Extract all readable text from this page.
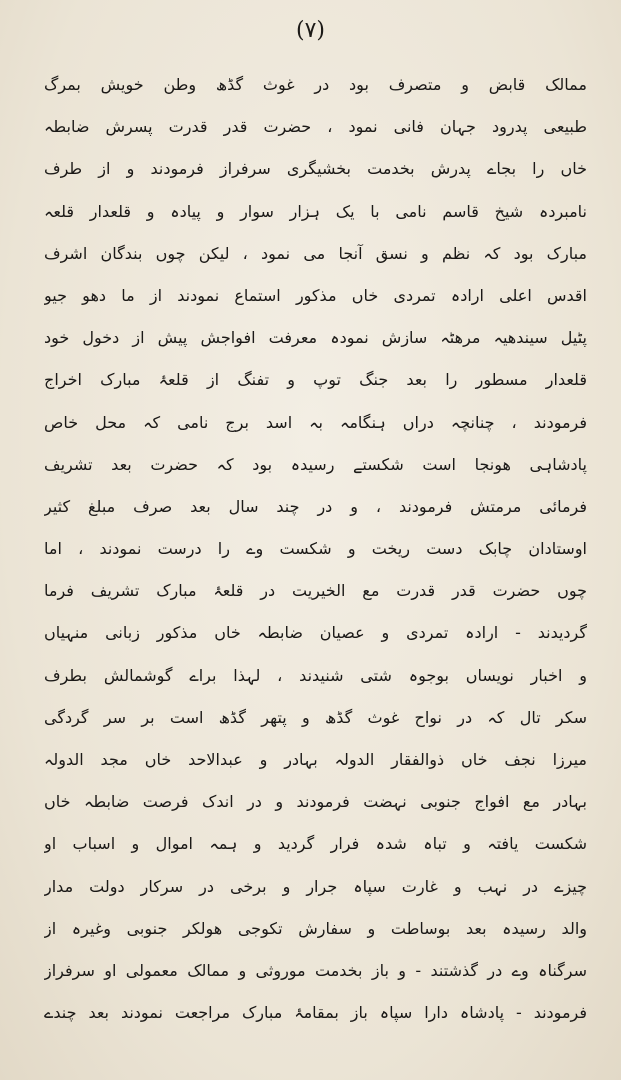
(۷)
ممالک قابض و متصرف بود در غوث گڈھ وطن خویش بمرگ
طبیعی پدرود جہان فانی نمود ، حضرت قدر قدرت پسرش ضابطہ
خاں را بجاے پدرش بخدمت بخشیگری سرفراز فرمودند و از طرف
نامبردہ شیخ قاسم نامی با یک ہزار سوار و پیادہ و قلعدار قلعہ
مبارک بود کہ نظم و نسق آنجا می نمود ، لیکن چوں بندگان اشرف
اقدس اعلی ارادہ تمردی خاں مذکور استماع نمودند از ما دھو جیو
پٹیل سیندھیہ مرھٹہ سازش نمودہ معرفت افواجش پیش از دخول خود
قلعدار مسطور را بعد جنگ توپ و تفنگ از قلعۂ مبارک اخراج
فرمودند ، چنانچہ دراں ہنگامہ بہ اسد برج نامی کہ محل خاص
پادشاہی ھونجا است شکستے رسیدہ بود کہ حضرت بعد تشریف
فرمائی مرمتش فرمودند ، و در چند سال بعد صرف مبلغ کثیر
اوستادان چابک دست ریخت و شکست وے را درست نمودند ، اما
چوں حضرت قدر قدرت مع الخیریت در قلعۂ مبارک تشریف فرما
گردیدند - ارادہ تمردی و عصیان ضابطہ خاں مذکور زبانی منہیاں
و اخبار نویساں بوجوہ شتی شنیدند ، لہذا براے گوشمالش بطرف
سکر تال کہ در نواح غوث گڈھ و پتھر گڈھ است بر سر گردگی
میرزا نجف خاں ذوالفقار الدولہ بہادر و عبدالاحد خاں مجد الدولہ
بہادر مع افواج جنوبی نہضت فرمودند و در اندک فرصت ضابطہ خاں
شکست یافتہ و تباہ شدہ فرار گردید و ہمہ اموال و اسباب او
چیزے در نہب و غارت سپاہ جرار و برخی در سرکار دولت مدار
والد رسیدہ بعد بوساطت و سفارش تکوجی ھولکر جنوبی وغیرہ از
سرگناہ وے در گذشتند - و باز بخدمت موروثی و ممالک معمولی او سرفراز
فرمودند - پادشاہ دارا سپاہ باز بمقامۂ مبارک مراجعت نمودند بعد چندے
